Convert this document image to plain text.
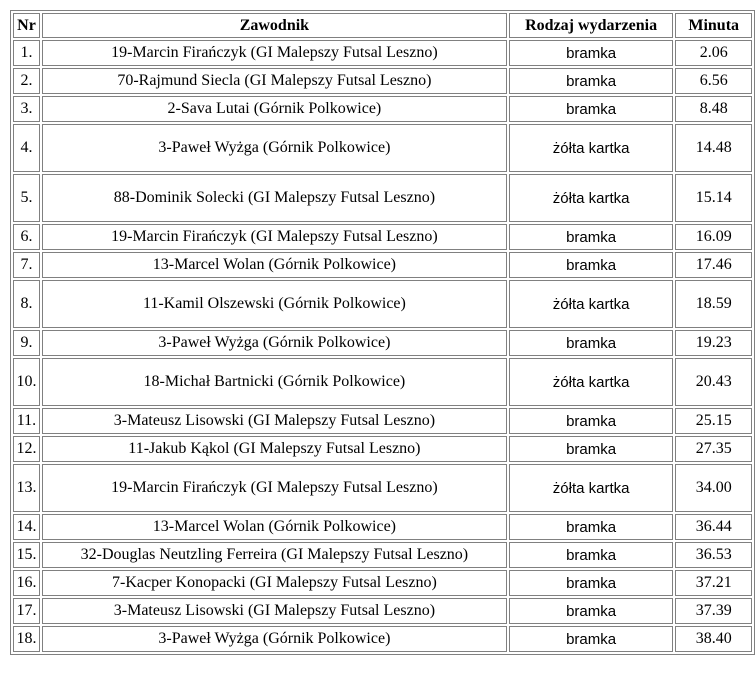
Nr	Zawodnik	Rodzaj wydarzenia	Minuta
1.	19-Marcin Firańczyk (GI Malepszy Futsal Leszno)	bramka	2.06
2.	70-Rajmund Siecla (GI Malepszy Futsal Leszno)	bramka	6.56
3.	2-Sava Lutai (Górnik Polkowice)	bramka	8.48
4.	3-Paweł Wyżga (Górnik Polkowice)	żółta kartka	14.48
5.	88-Dominik Solecki (GI Malepszy Futsal Leszno)	żółta kartka	15.14
6.	19-Marcin Firańczyk (GI Malepszy Futsal Leszno)	bramka	16.09
7.	13-Marcel Wolan (Górnik Polkowice)	bramka	17.46
8.	11-Kamil Olszewski (Górnik Polkowice)	żółta kartka	18.59
9.	3-Paweł Wyżga (Górnik Polkowice)	bramka	19.23
10.	18-Michał Bartnicki (Górnik Polkowice)	żółta kartka	20.43
11.	3-Mateusz Lisowski (GI Malepszy Futsal Leszno)	bramka	25.15
12.	11-Jakub Kąkol (GI Malepszy Futsal Leszno)	bramka	27.35
13.	19-Marcin Firańczyk (GI Malepszy Futsal Leszno)	żółta kartka	34.00
14.	13-Marcel Wolan (Górnik Polkowice)	bramka	36.44
15.	32-Douglas Neutzling Ferreira (GI Malepszy Futsal Leszno)	bramka	36.53
16.	7-Kacper Konopacki (GI Malepszy Futsal Leszno)	bramka	37.21
17.	3-Mateusz Lisowski (GI Malepszy Futsal Leszno)	bramka	37.39
18.	3-Paweł Wyżga (Górnik Polkowice)	bramka	38.40
